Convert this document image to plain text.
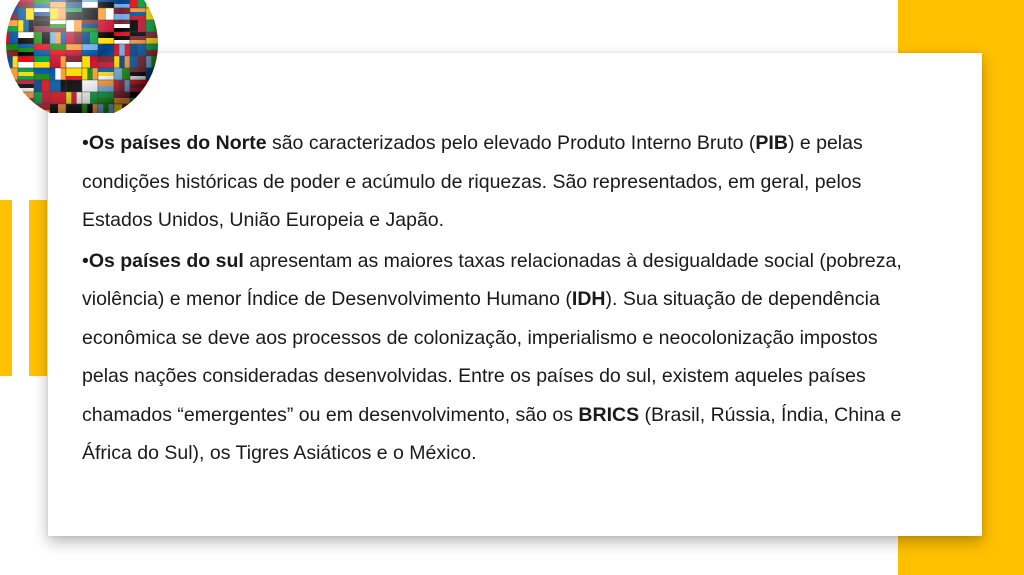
•Os países do Norte são caracterizados pelo elevado Produto Interno Bruto (PIB) e pelas condições históricas de poder e acúmulo de riquezas. São representados, em geral, pelos Estados Unidos, União Europeia e Japão.

•Os países do sul apresentam as maiores taxas relacionadas à desigualdade social (pobreza, violência) e menor Índice de Desenvolvimento Humano (IDH). Sua situação de dependência econômica se deve aos processos de colonização, imperialismo e neocolonização impostos pelas nações consideradas desenvolvidas. Entre os países do sul, existem aqueles países chamados “emergentes” ou em desenvolvimento, são os BRICS (Brasil, Rússia, Índia, China e África do Sul), os Tigres Asiáticos e o México.
